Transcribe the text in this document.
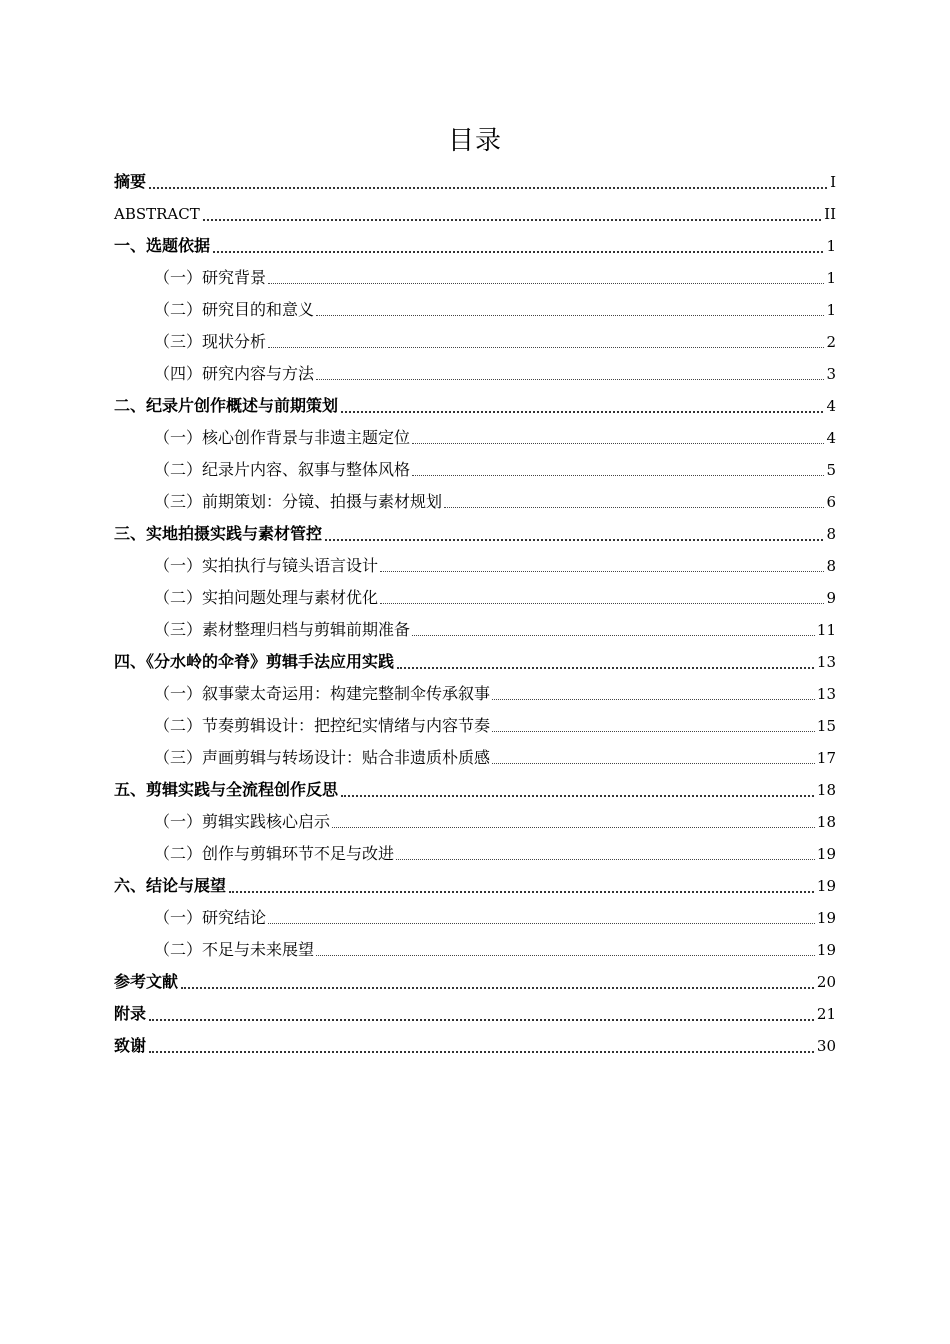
目录
摘要	I
ABSTRACT	II
一、选题依据	1
（一）研究背景	1
（二）研究目的和意义	1
（三）现状分析	2
（四）研究内容与方法	3
二、纪录片创作概述与前期策划	4
（一）核心创作背景与非遗主题定位	4
（二）纪录片内容、叙事与整体风格	5
（三）前期策划：分镜、拍摄与素材规划	6
三、实地拍摄实践与素材管控	8
（一）实拍执行与镜头语言设计	8
（二）实拍问题处理与素材优化	9
（三）素材整理归档与剪辑前期准备	11
四、《分水岭的伞脊》剪辑手法应用实践	13
（一）叙事蒙太奇运用：构建完整制伞传承叙事	13
（二）节奏剪辑设计：把控纪实情绪与内容节奏	15
（三）声画剪辑与转场设计：贴合非遗质朴质感	17
五、剪辑实践与全流程创作反思	18
（一）剪辑实践核心启示	18
（二）创作与剪辑环节不足与改进	19
六、结论与展望	19
（一）研究结论	19
（二）不足与未来展望	19
参考文献	20
附录	21
致谢	30
